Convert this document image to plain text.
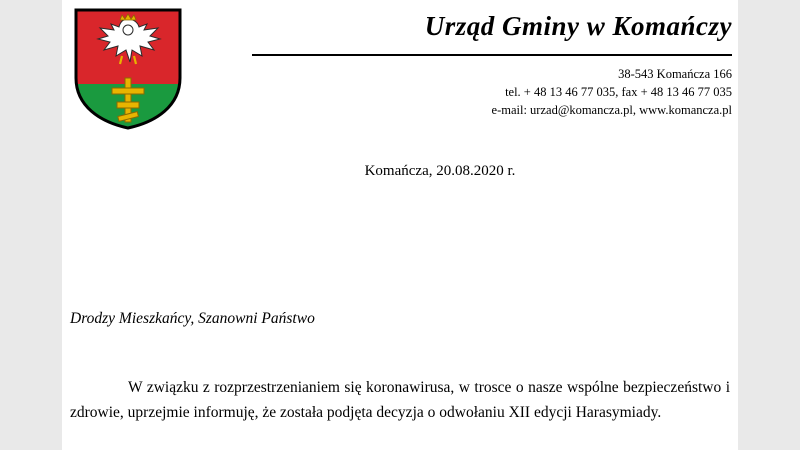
Urząd Gminy w Komańczy
38-543 Komańcza 166
tel. + 48 13 46 77 035, fax + 48 13 46 77 035
e-mail: urzad@komancza.pl, www.komancza.pl
Komańcza, 20.08.2020 r.
Drodzy Mieszkańcy, Szanowni Państwo

W związku z rozprzestrzenianiem się koronawirusa, w trosce o nasze wspólne bezpieczeństwo i zdrowie, uprzejmie informuję, że została podjęta decyzja o odwołaniu XII edycji Harasymiady.
